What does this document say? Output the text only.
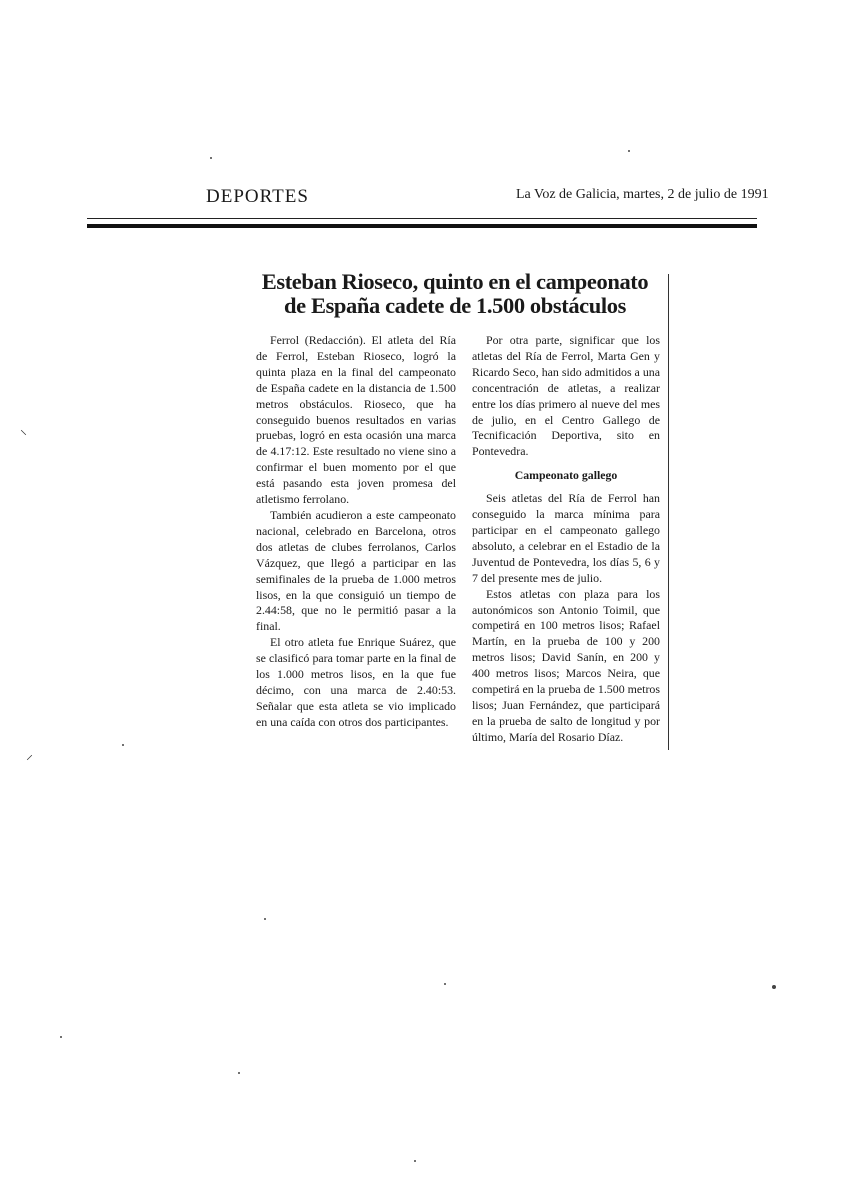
DEPORTES	La Voz de Galicia, martes, 2 de julio de 1991
Esteban Rioseco, quinto en el campeonato
de España cadete de 1.500 obstáculos

Ferrol (Redacción). El atleta del Ría de Ferrol, Esteban Rioseco, logró la quinta plaza en la final del campeonato de España cadete en la distancia de 1.500 metros obstáculos. Rioseco, que ha conseguido buenos resultados en varias pruebas, logró en esta ocasión una marca de 4.17:12. Este resultado no viene sino a confirmar el buen momento por el que está pasando esta joven promesa del atletismo ferrolano.

También acudieron a este campeonato nacional, celebrado en Barcelona, otros dos atletas de clubes ferrolanos, Carlos Vázquez, que llegó a participar en las semifinales de la prueba de 1.000 metros lisos, en la que consiguió un tiempo de 2.44:58, que no le permitió pasar a la final.

El otro atleta fue Enrique Suárez, que se clasificó para tomar parte en la final de los 1.000 metros lisos, en la que fue décimo, con una marca de 2.40:53. Señalar que esta atleta se vio implicado en una caída con otros dos participantes.

Por otra parte, significar que los atletas del Ría de Ferrol, Marta Gen y Ricardo Seco, han sido admitidos a una concentración de atletas, a realizar entre los días primero al nueve del mes de julio, en el Centro Gallego de Tecnificación Deportiva, sito en Pontevedra.

Campeonato gallego

Seis atletas del Ría de Ferrol han conseguido la marca mínima para participar en el campeonato gallego absoluto, a celebrar en el Estadio de la Juventud de Pontevedra, los días 5, 6 y 7 del presente mes de julio.

Estos atletas con plaza para los autonómicos son Antonio Toimil, que competirá en 100 metros lisos; Rafael Martín, en la prueba de 100 y 200 metros lisos; David Sanín, en 200 y 400 metros lisos; Marcos Neira, que competirá en la prueba de 1.500 metros lisos; Juan Fernández, que participará en la prueba de salto de longitud y por último, María del Rosario Díaz.

⸜
⸝
